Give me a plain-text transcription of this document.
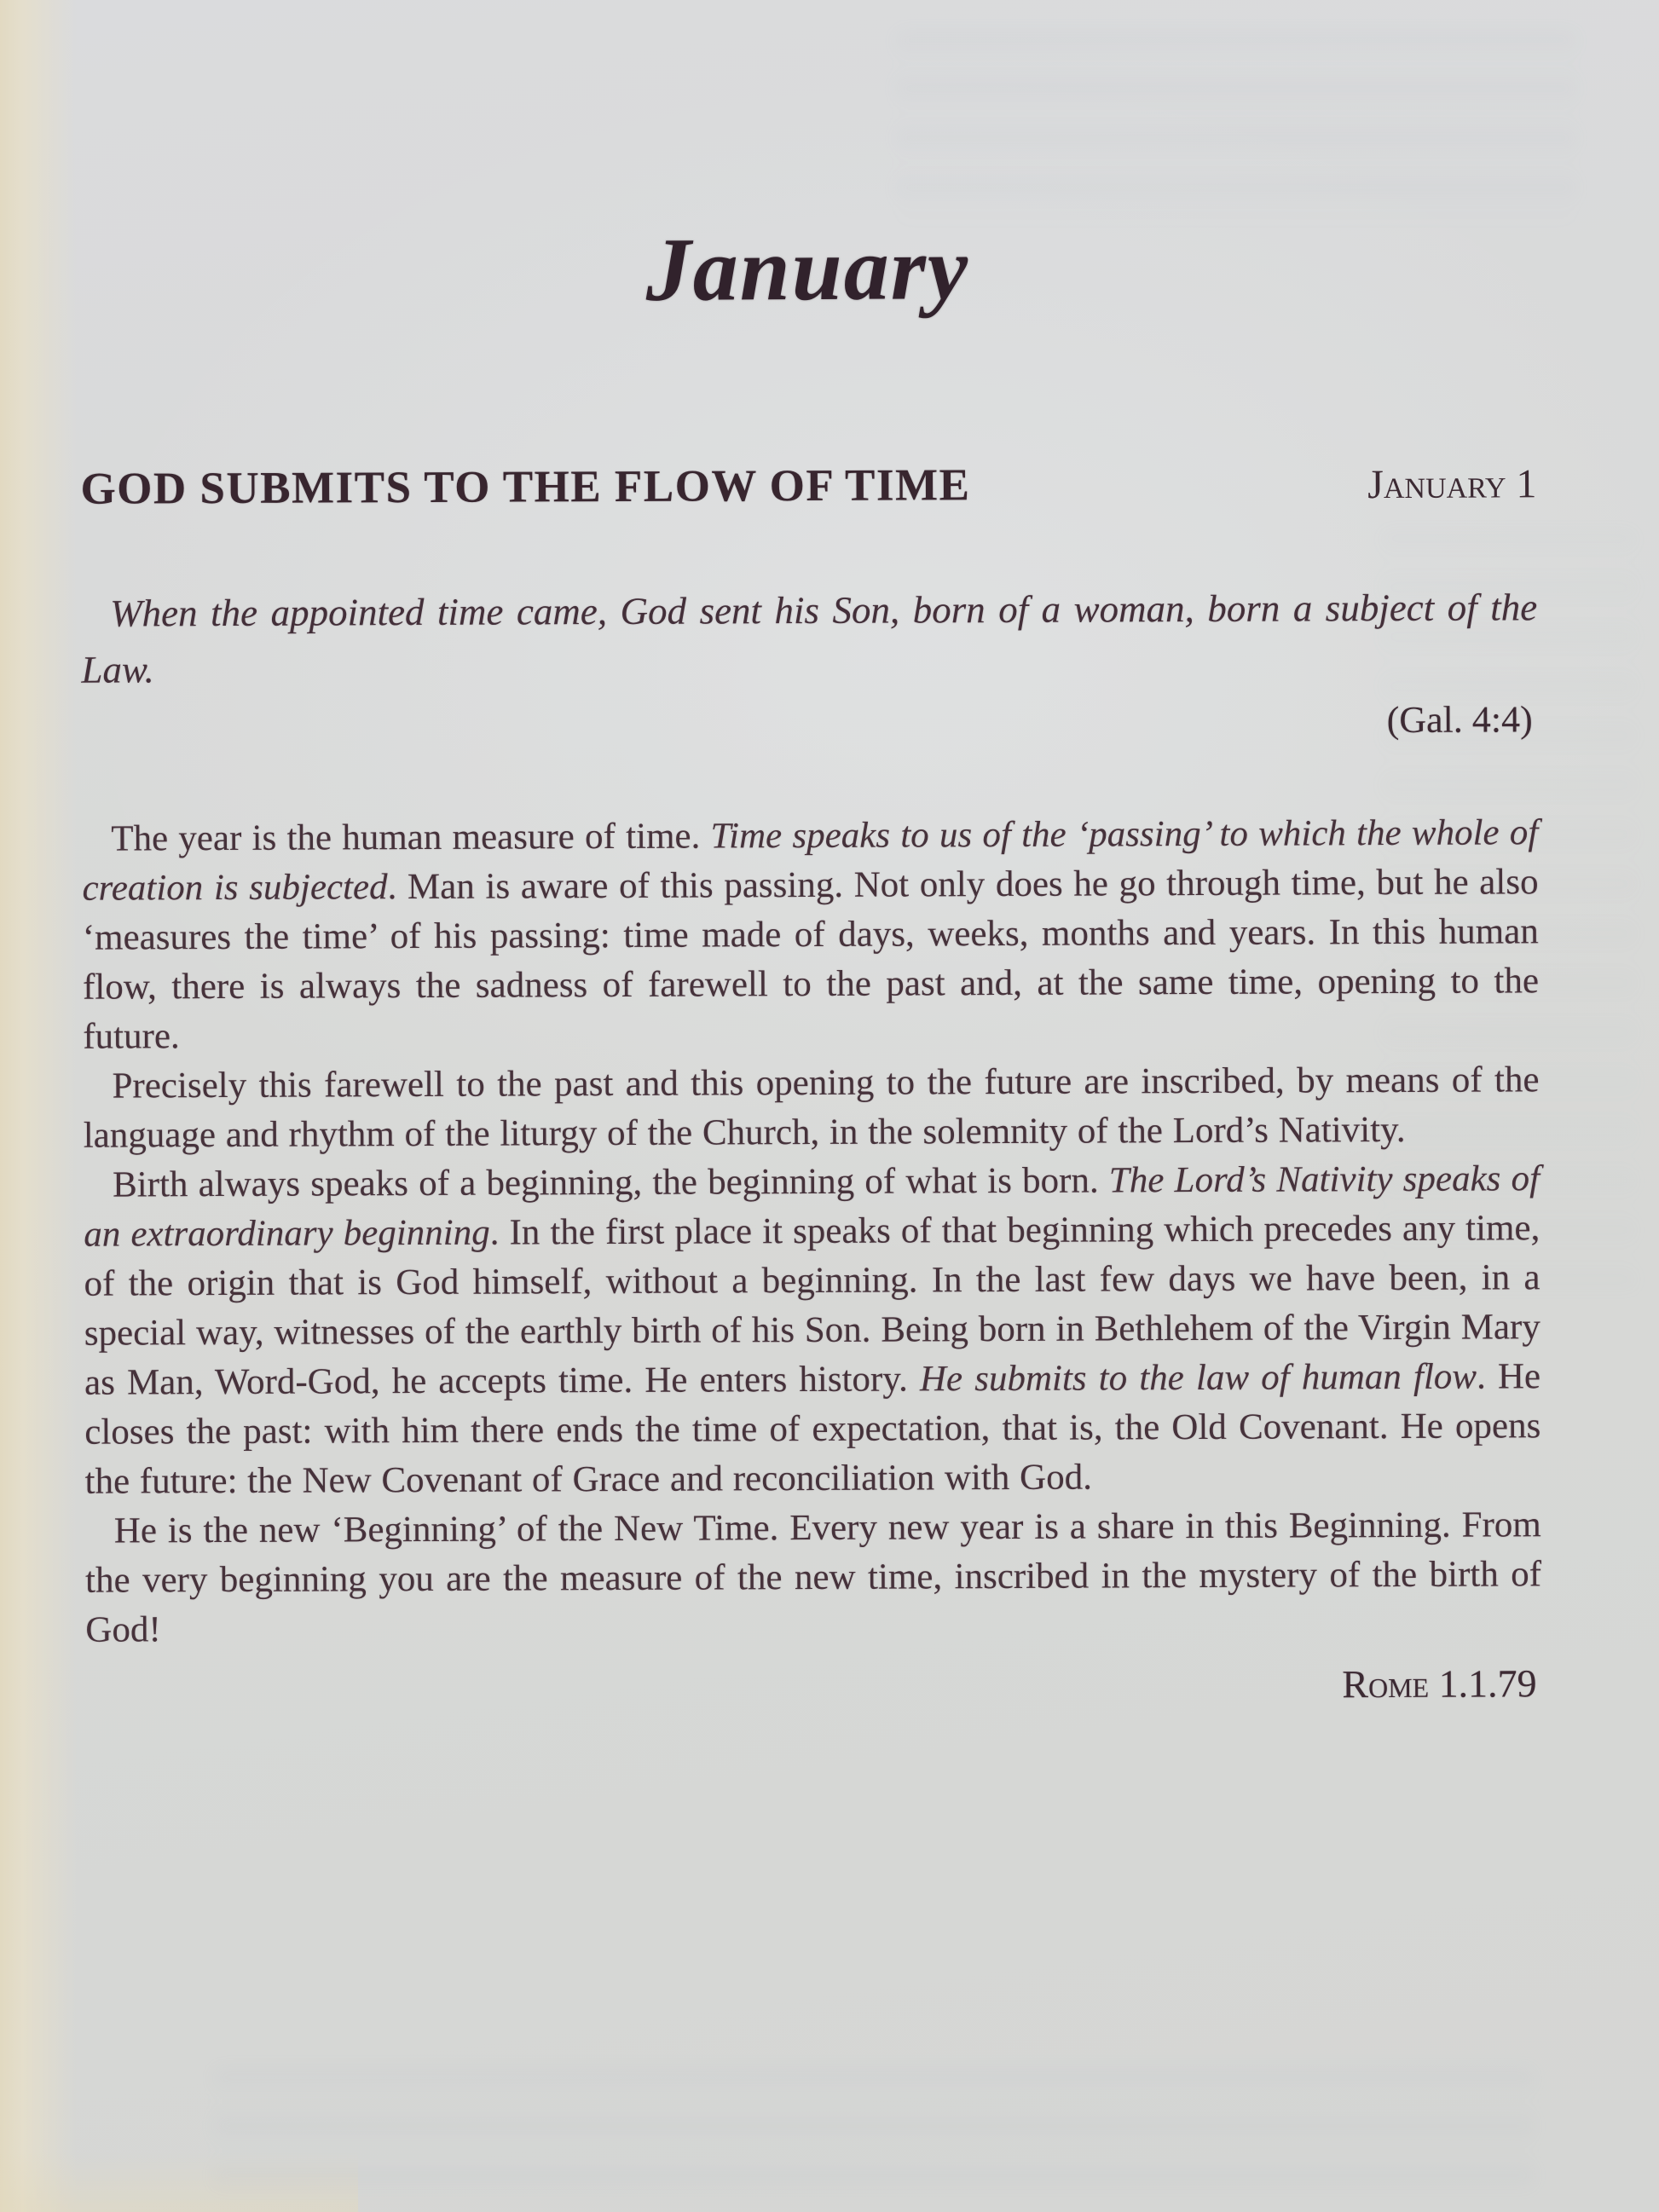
January
GOD SUBMITS TO THE FLOW OF TIME	January 1

When the appointed time came, God sent his Son, born of a woman, born a subject of the Law.

(Gal. 4:4)

The year is the human measure of time. Time speaks to us of the ‘passing’ to which the whole of creation is subjected. Man is aware of this passing. Not only does he go through time, but he also ‘measures the time’ of his passing: time made of days, weeks, months and years. In this human flow, there is always the sadness of farewell to the past and, at the same time, opening to the future.

Precisely this farewell to the past and this opening to the future are inscribed, by means of the language and rhythm of the liturgy of the Church, in the solemnity of the Lord’s Nativity.

Birth always speaks of a beginning, the beginning of what is born. The Lord’s Nativity speaks of an extraordinary beginning. In the first place it speaks of that beginning which precedes any time, of the origin that is God himself, without a beginning. In the last few days we have been, in a special way, witnesses of the earthly birth of his Son. Being born in Bethlehem of the Virgin Mary as Man, Word-God, he accepts time. He enters history. He submits to the law of human flow. He closes the past: with him there ends the time of expectation, that is, the Old Covenant. He opens the future: the New Covenant of Grace and reconciliation with God.

He is the new ‘Beginning’ of the New Time. Every new year is a share in this Beginning. From the very beginning you are the measure of the new time, inscribed in the mystery of the birth of God!

Rome 1.1.79
